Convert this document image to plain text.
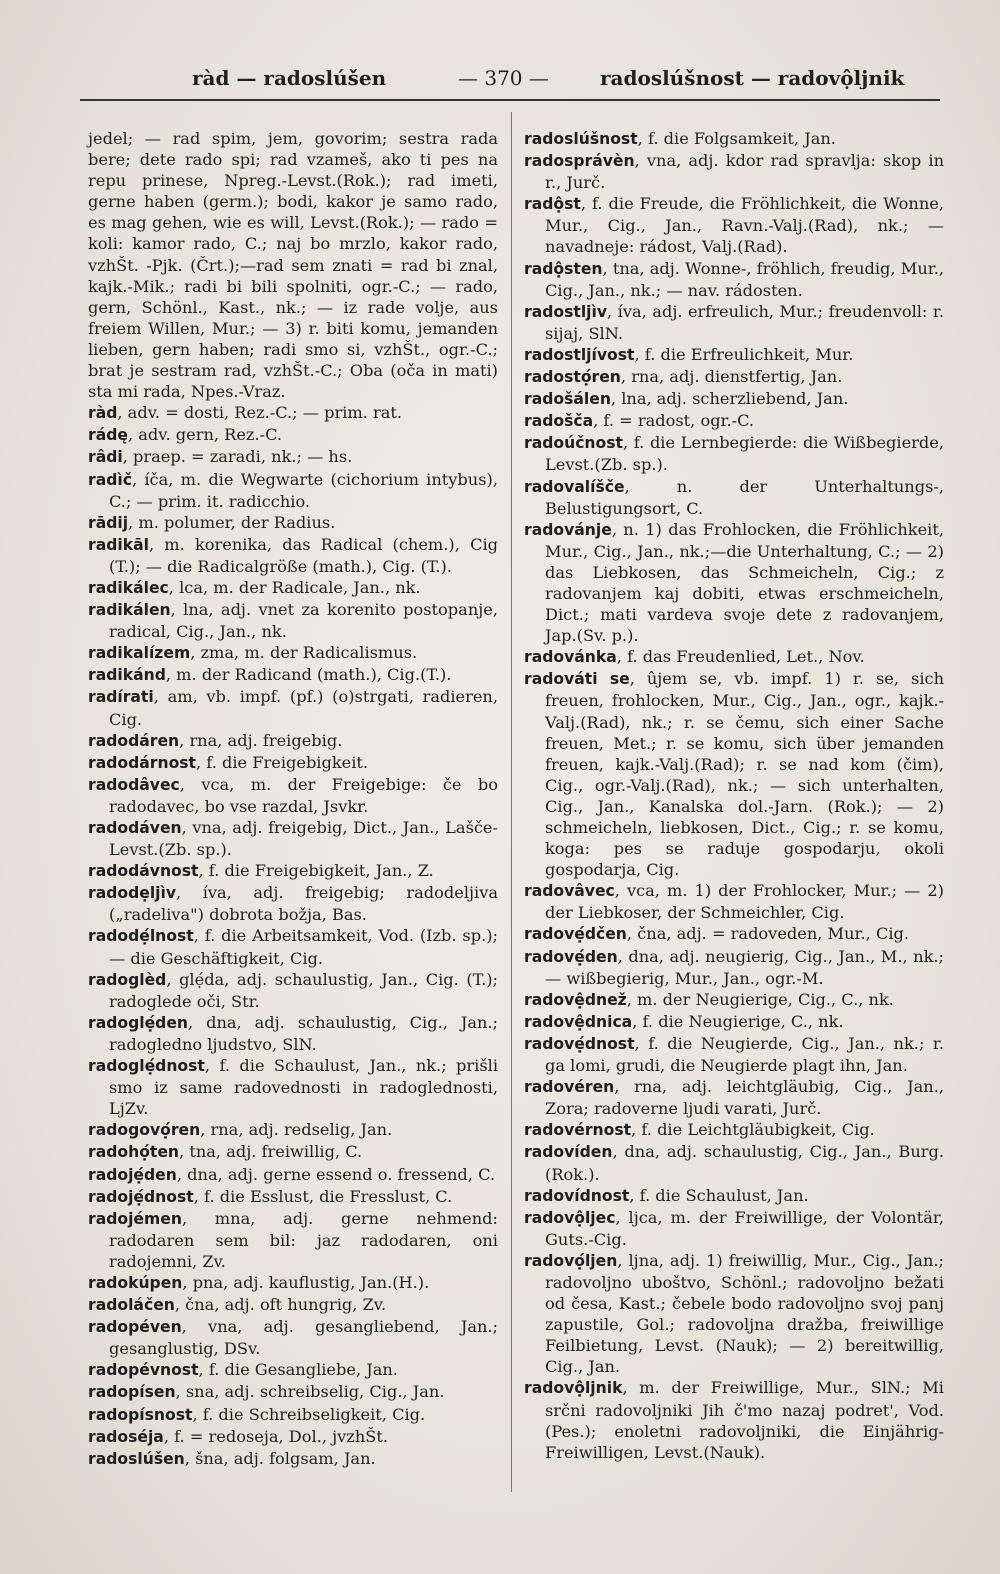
ràd — radoslúšen	— 370 —	radoslúšnost — radovộljnik

jedel; — rad spim, jem, govorim; sestra rada bere; dete rado spi; rad vzameš, ako ti pes na repu prinese, Npreg.-Levst.(Rok.); rad imeti, gerne haben (germ.); bodi, kakor je samo rado, es mag gehen, wie es will, Levst.(Rok.); — rado = koli: kamor rado, C.; naj bo mrzlo, kakor rado, vzhŠt. -Pjk. (Črt.);—rad sem znati = rad bi znal, kajk.-Mik.; radi bi bili spolniti, ogr.-C.; — rado, gern, Schönl., Kast., nk.; — iz rade volje, aus freiem Willen, Mur.; — 3) r. biti komu, jemanden lieben, gern haben; radi smo si, vzhŠt., ogr.-C.; brat je sestram rad, vzhŠt.-C.; Oba (oča in mati) sta mi rada, Npes.-Vraz.

ràd, adv. = dosti, Rez.-C.; — prim. rat.

rádę, adv. gern, Rez.-C.

râdi, praep. = zaradi, nk.; — hs.

radìč, íča, m. die Wegwarte (cichorium intybus), C.; — prim. it. radicchio.

rādij, m. polumer, der Radius.

radikāl, m. korenika, das Radical (chem.), Cig (T.); — die Radicalgröße (math.), Cig. (T.).

radikálec, lca, m. der Radicale, Jan., nk.

radikálen, lna, adj. vnet za korenito postopanje, radical, Cig., Jan., nk.

radikalízem, zma, m. der Radicalismus.

radikánd, m. der Radicand (math.), Cig.(T.).

radírati, am, vb. impf. (pf.) (o)strgati, radieren, Cig.

radodáren, rna, adj. freigebig.

radodárnost, f. die Freigebigkeit.

radodâvec, vca, m. der Freigebige: če bo radodavec, bo vse razdal, Jsvkr.

radodáven, vna, adj. freigebig, Dict., Jan., Lašče-Levst.(Zb. sp.).

radodávnost, f. die Freigebigkeit, Jan., Z.

radodẹljìv, íva, adj. freigebig; radodeljiva („radeliva") dobrota božja, Bas.

radodẹ́lnost, f. die Arbeitsamkeit, Vod. (Izb. sp.); — die Geschäftigkeit, Cig.

radoglèd, glẹ́da, adj. schaulustig, Jan., Cig. (T.); radoglede oči, Str.

radoglẹ́den, dna, adj. schaulustig, Cig., Jan.; radogledno ljudstvo, SlN.

radoglẹ́dnost, f. die Schaulust, Jan., nk.; prišli smo iz same radovednosti in radoglednosti, LjZv.

radogovọ́ren, rna, adj. redselig, Jan.

radohọ́ten, tna, adj. freiwillig, C.

radojẹ́den, dna, adj. gerne essend o. fressend, C.

radojẹ́dnost, f. die Esslust, die Fresslust, C.

radojémen, mna, adj. gerne nehmend: radodaren sem bil: jaz radodaren, oni radojemni, Zv.

radokúpen, pna, adj. kauflustig, Jan.(H.).

radoláčen, čna, adj. oft hungrig, Zv.

radopéven, vna, adj. gesangliebend, Jan.; gesanglustig, DSv.

radopévnost, f. die Gesangliebe, Jan.

radopísen, sna, adj. schreibselig, Cig., Jan.

radopísnost, f. die Schreibseligkeit, Cig.

radoséja, f. = redoseja, Dol., jvzhŠt.

radoslúšen, šna, adj. folgsam, Jan.

radoslúšnost, f. die Folgsamkeit, Jan.

radosprávèn, vna, adj. kdor rad spravlja: skop in r., Jurč.

radộst, f. die Freude, die Fröhlichkeit, die Wonne, Mur., Cig., Jan., Ravn.-Valj.(Rad), nk.; — navadneje: rádost, Valj.(Rad).

radộsten, tna, adj. Wonne-, fröhlich, freudig, Mur., Cig., Jan., nk.; — nav. rádosten.

radostljìv, íva, adj. erfreulich, Mur.; freudenvoll: r. sijaj, SlN.

radostljívost, f. die Erfreulichkeit, Mur.

radostọ́ren, rna, adj. dienstfertig, Jan.

radošálen, lna, adj. scherzliebend, Jan.

radošča, f. = radost, ogr.-C.

radoúčnost, f. die Lernbegierde: die Wißbegierde, Levst.(Zb. sp.).

radovalíšče, n. der Unterhaltungs-, Belustigungsort, C.

radovánje, n. 1) das Frohlocken, die Fröhlichkeit, Mur., Cig., Jan., nk.;—die Unterhaltung, C.; — 2) das Liebkosen, das Schmeicheln, Cig.; z radovanjem kaj dobiti, etwas erschmeicheln, Dict.; mati vardeva svoje dete z radovanjem, Jap.(Sv. p.).

radovánka, f. das Freudenlied, Let., Nov.

radováti se, ûjem se, vb. impf. 1) r. se, sich freuen, frohlocken, Mur., Cig., Jan., ogr., kajk.-Valj.(Rad), nk.; r. se čemu, sich einer Sache freuen, Met.; r. se komu, sich über jemanden freuen, kajk.-Valj.(Rad); r. se nad kom (čim), Cig., ogr.-Valj.(Rad), nk.; — sich unterhalten, Cig., Jan., Kanalska dol.-Jarn. (Rok.); — 2) schmeicheln, liebkosen, Dict., Cig.; r. se komu, koga: pes se raduje gospodarju, okoli gospodarja, Cig.

radovâvec, vca, m. 1) der Frohlocker, Mur.; — 2) der Liebkoser, der Schmeichler, Cig.

radovẹ́dčen, čna, adj. = radoveden, Mur., Cig.

radovẹ́den, dna, adj. neugierig, Cig., Jan., M., nk.; — wißbegierig, Mur., Jan., ogr.-M.

radovệdnež, m. der Neugierige, Cig., C., nk.

radovệdnica, f. die Neugierige, C., nk.

radovẹ́dnost, f. die Neugierde, Cig., Jan., nk.; r. ga lomi, grudi, die Neugierde plagt ihn, Jan.

radovéren, rna, adj. leichtgläubig, Cig., Jan., Zora; radoverne ljudi varati, Jurč.

radovérnost, f. die Leichtgläubigkeit, Cig.

radovíden, dna, adj. schaulustig, Cig., Jan., Burg. (Rok.).

radovídnost, f. die Schaulust, Jan.

radovộljec, ljca, m. der Freiwillige, der Volontär, Guts.-Cig.

radovọ́ljen, ljna, adj. 1) freiwillig, Mur., Cig., Jan.; radovoljno uboštvo, Schönl.; radovoljno bežati od česa, Kast.; čebele bodo radovoljno svoj panj zapustile, Gol.; radovoljna dražba, freiwillige Feilbietung, Levst. (Nauk); — 2) bereitwillig, Cig., Jan.

radovộljnik, m. der Freiwillige, Mur., SlN.; Mi srčni radovoljniki Jih č'mo nazaj podret', Vod.(Pes.); enoletni radovoljniki, die Einjährig-Freiwilligen, Levst.(Nauk).
